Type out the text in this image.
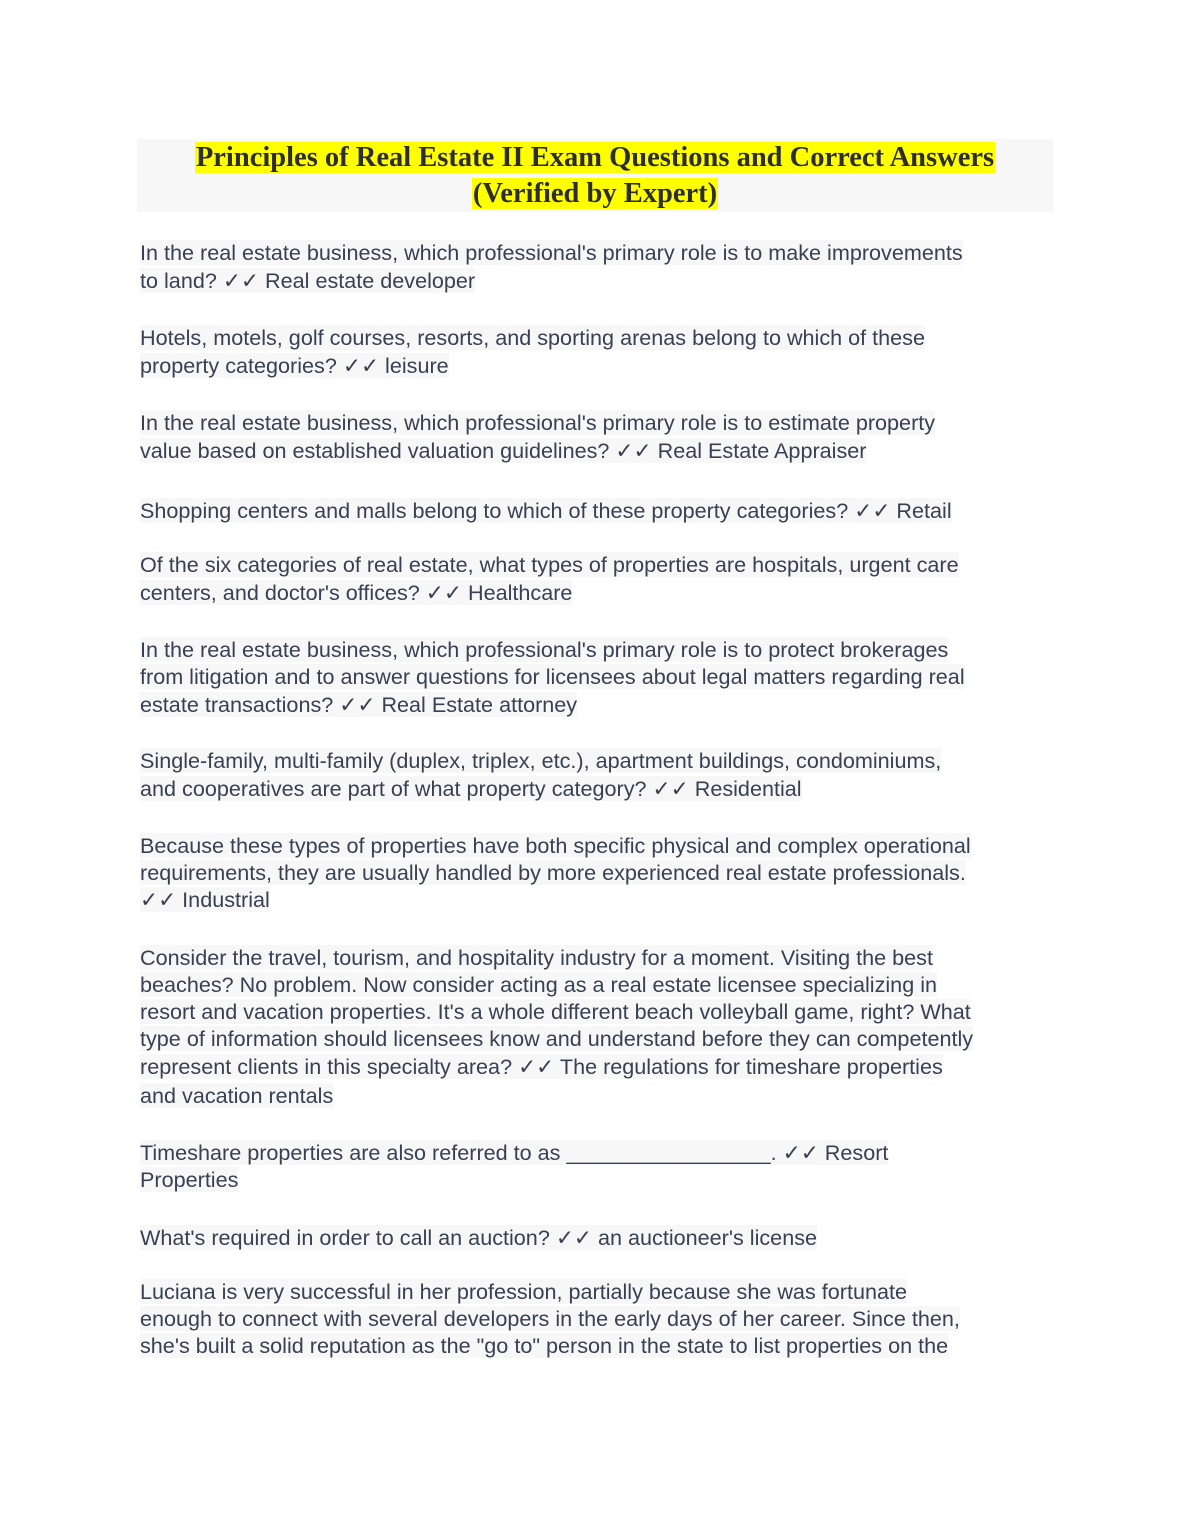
Principles of Real Estate II Exam Questions and Correct Answers
(Verified by Expert)
In the real estate business, which professional's primary role is to make improvements
to land? ✓✓ Real estate developer
Hotels, motels, golf courses, resorts, and sporting arenas belong to which of these
property categories? ✓✓ leisure
In the real estate business, which professional's primary role is to estimate property
value based on established valuation guidelines? ✓✓ Real Estate Appraiser
Shopping centers and malls belong to which of these property categories? ✓✓ Retail
Of the six categories of real estate, what types of properties are hospitals, urgent care
centers, and doctor's offices? ✓✓ Healthcare
In the real estate business, which professional's primary role is to protect brokerages
from litigation and to answer questions for licensees about legal matters regarding real
estate transactions? ✓✓ Real Estate attorney
Single-family, multi-family (duplex, triplex, etc.), apartment buildings, condominiums,
and cooperatives are part of what property category? ✓✓ Residential
Because these types of properties have both specific physical and complex operational
requirements, they are usually handled by more experienced real estate professionals.
✓✓ Industrial
Consider the travel, tourism, and hospitality industry for a moment. Visiting the best
beaches? No problem. Now consider acting as a real estate licensee specializing in
resort and vacation properties. It's a whole different beach volleyball game, right? What
type of information should licensees know and understand before they can competently
represent clients in this specialty area? ✓✓ The regulations for timeshare properties
and vacation rentals
Timeshare properties are also referred to as _________________. ✓✓ Resort
Properties
What's required in order to call an auction? ✓✓ an auctioneer's license
Luciana is very successful in her profession, partially because she was fortunate
enough to connect with several developers in the early days of her career. Since then,
she's built a solid reputation as the "go to" person in the state to list properties on the
